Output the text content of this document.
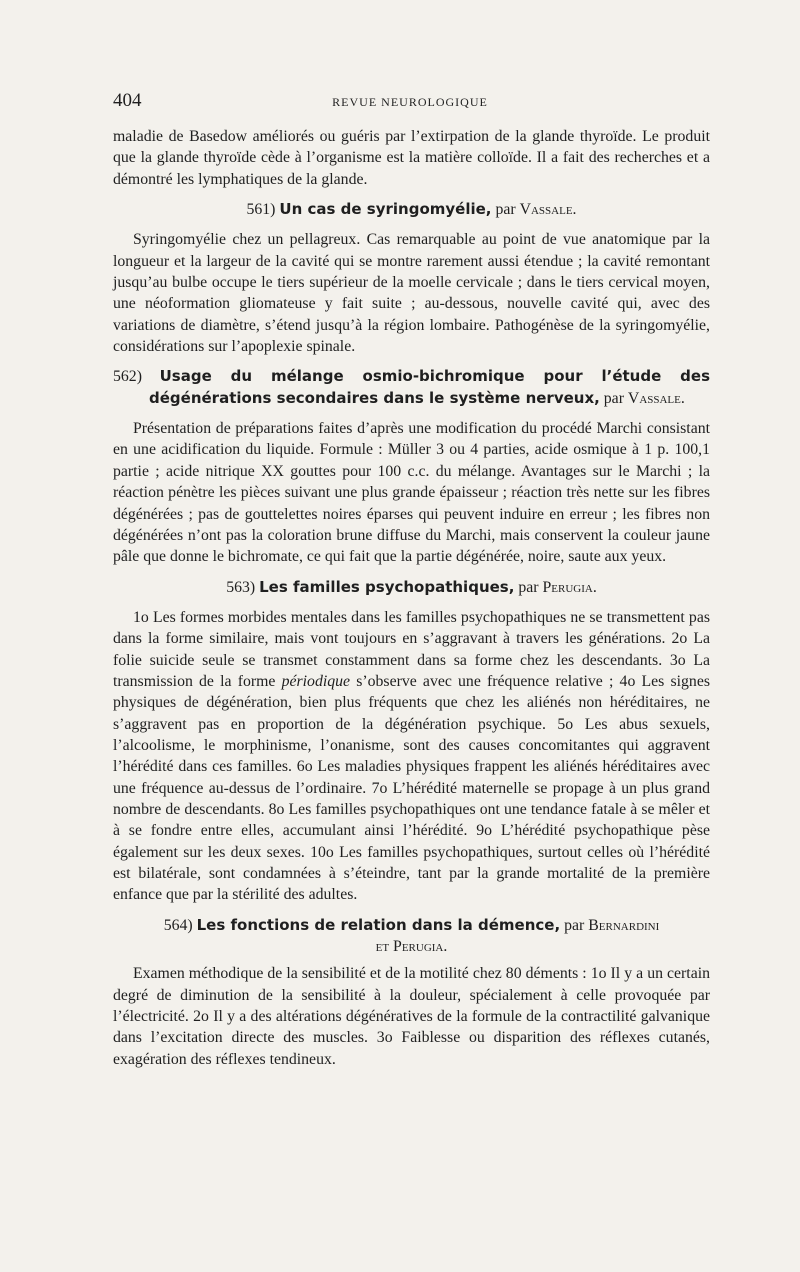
404	REVUE NEUROLOGIQUE

maladie de Basedow améliorés ou guéris par l’extirpation de la glande thyroïde. Le produit que la glande thyroïde cède à l’organisme est la matière colloïde. Il a fait des recherches et a démontré les lymphatiques de la glande.

561) Un cas de syringomyélie, par Vassale.

Syringomyélie chez un pellagreux. Cas remarquable au point de vue anatomique par la longueur et la largeur de la cavité qui se montre rarement aussi étendue ; la cavité remontant jusqu’au bulbe occupe le tiers supérieur de la moelle cervicale ; dans le tiers cervical moyen, une néoformation gliomateuse y fait suite ; au-dessous, nouvelle cavité qui, avec des variations de diamètre, s’étend jusqu’à la région lombaire. Pathogénèse de la syringomyélie, considérations sur l’apoplexie spinale.

562) Usage du mélange osmio-bichromique pour l’étude des dégénérations secondaires dans le système nerveux, par Vassale.

Présentation de préparations faites d’après une modification du procédé Marchi consistant en une acidification du liquide. Formule : Müller 3 ou 4 parties, acide osmique à 1 p. 100,1 partie ; acide nitrique XX gouttes pour 100 c.c. du mélange. Avantages sur le Marchi ; la réaction pénètre les pièces suivant une plus grande épaisseur ; réaction très nette sur les fibres dégénérées ; pas de gouttelettes noires éparses qui peuvent induire en erreur ; les fibres non dégénérées n’ont pas la coloration brune diffuse du Marchi, mais conservent la couleur jaune pâle que donne le bichromate, ce qui fait que la partie dégénérée, noire, saute aux yeux.

563) Les familles psychopathiques, par Perugia.

1o Les formes morbides mentales dans les familles psychopathiques ne se transmettent pas dans la forme similaire, mais vont toujours en s’aggravant à travers les générations. 2o La folie suicide seule se transmet constamment dans sa forme chez les descendants. 3o La transmission de la forme périodique s’observe avec une fréquence relative ; 4o Les signes physiques de dégénération, bien plus fréquents que chez les aliénés non héréditaires, ne s’aggravent pas en proportion de la dégénération psychique. 5o Les abus sexuels, l’alcoolisme, le morphinisme, l’onanisme, sont des causes concomitantes qui aggravent l’hérédité dans ces familles. 6o Les maladies physiques frappent les aliénés héréditaires avec une fréquence au-dessus de l’ordinaire. 7o L’hérédité maternelle se propage à un plus grand nombre de descendants. 8o Les familles psychopathiques ont une tendance fatale à se mêler et à se fondre entre elles, accumulant ainsi l’hérédité. 9o L’hérédité psychopathique pèse également sur les deux sexes. 10o Les familles psychopathiques, surtout celles où l’hérédité est bilatérale, sont condamnées à s’éteindre, tant par la grande mortalité de la première enfance que par la stérilité des adultes.

564) Les fonctions de relation dans la démence, par Bernardini

et Perugia.

Examen méthodique de la sensibilité et de la motilité chez 80 déments : 1o Il y a un certain degré de diminution de la sensibilité à la douleur, spécialement à celle provoquée par l’électricité. 2o Il y a des altérations dégénératives de la formule de la contractilité galvanique dans l’excitation directe des muscles. 3o Faiblesse ou disparition des réflexes cutanés, exagération des réflexes tendineux.
